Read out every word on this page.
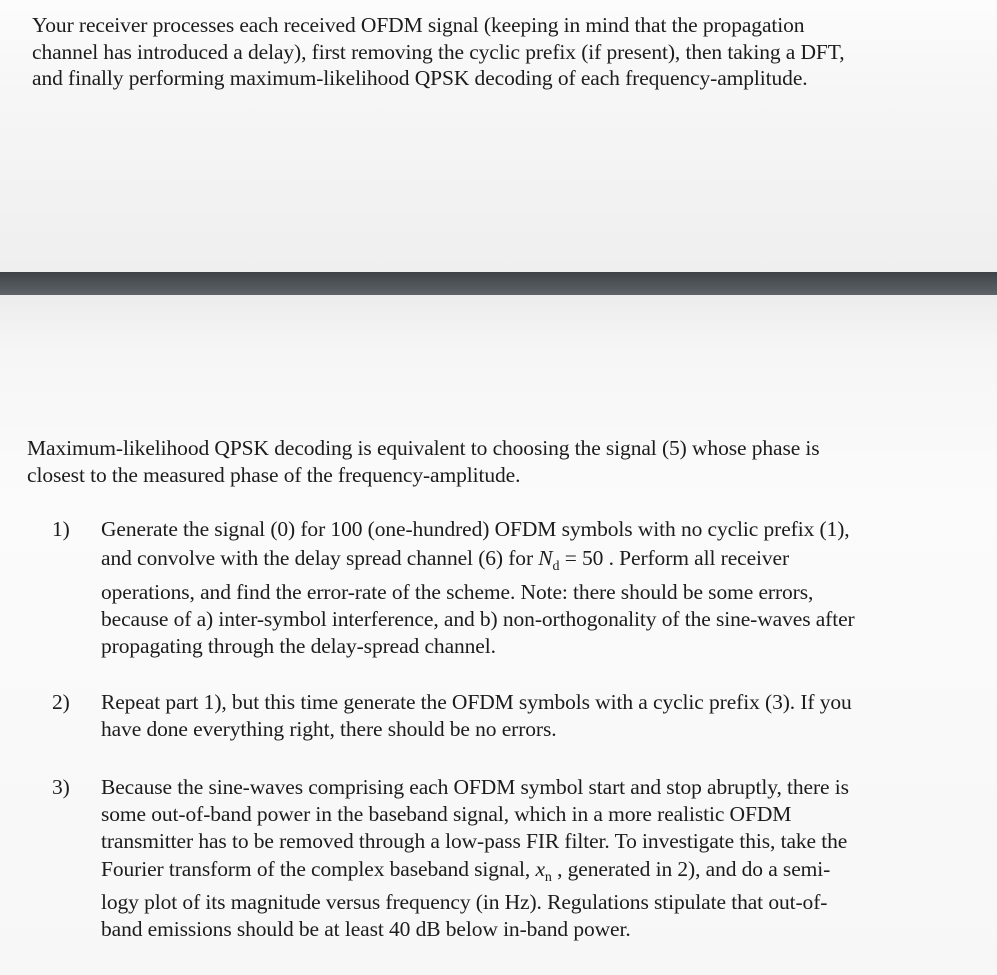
Your receiver processes each received OFDM signal (keeping in mind that the propagation
channel has introduced a delay), first removing the cyclic prefix (if present), then taking a DFT,
and finally performing maximum-likelihood QPSK decoding of each frequency-amplitude.
Maximum-likelihood QPSK decoding is equivalent to choosing the signal (5) whose phase is
closest to the measured phase of the frequency-amplitude.
1) Generate the signal (0) for 100 (one-hundred) OFDM symbols with no cyclic prefix (1),
and convolve with the delay spread channel (6) for $N_d = 50$ . Perform all receiver
operations, and find the error-rate of the scheme. Note: there should be some errors,
because of a) inter-symbol interference, and b) non-orthogonality of the sine-waves after
propagating through the delay-spread channel.
2) Repeat part 1), but this time generate the OFDM symbols with a cyclic prefix (3). If you
have done everything right, there should be no errors.
3) Because the sine-waves comprising each OFDM symbol start and stop abruptly, there is
some out-of-band power in the baseband signal, which in a more realistic OFDM
transmitter has to be removed through a low-pass FIR filter. To investigate this, take the
Fourier transform of the complex baseband signal, $x_n$ , generated in 2), and do a semi-
logy plot of its magnitude versus frequency (in Hz). Regulations stipulate that out-of-
band emissions should be at least 40 dB below in-band power.
